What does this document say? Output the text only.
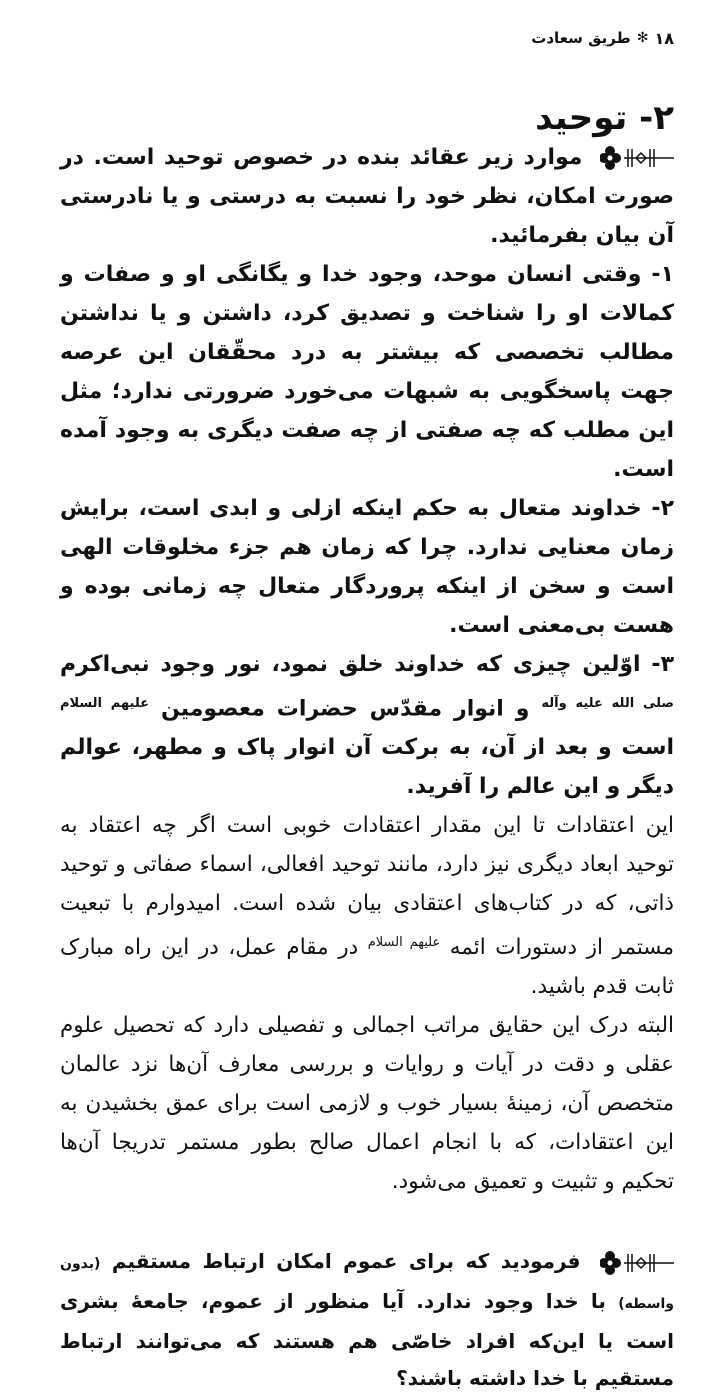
۱۸
✻
طریق سعادت
۲- توحید

موارد زیر عقائد بنده در خصوص توحید است. در صورت امکان، نظر خود را نسبت به درستی و یا نادرستی آن بیان بفرمائید.

۱- وقتی انسان موحد، وجود خدا و یگانگی او و صفات و کمالات او را شناخت و تصدیق کرد، داشتن و یا نداشتن مطالب تخصصی که بیشتر به درد محقّقان این عرصه جهت پاسخگویی به شبهات می‌خورد ضرورتی ندارد؛ مثل این مطلب که چه صفتی از چه صفت دیگری به وجود آمده است.

۲- خداوند متعال به حکم اینکه ازلی و ابدی است، برایش زمان معنایی ندارد. چرا که زمان هم جزء مخلوقات الهی است و سخن از اینکه پروردگار متعال چه زمانی بوده و هست بی‌معنی است.

۳- اوّلین چیزی که خداوند خلق نمود، نور وجود نبی‌اکرم $^{صلى الله عليه وآله}$ و انوار مقدّس حضرات معصومین $^{عليهم السلام}$ است و بعد از آن، به برکت آن انوار پاک و مطهر، عوالم دیگر و این عالم را آفرید.

این اعتقادات تا این مقدار اعتقادات خوبی است اگر چه اعتقاد به توحید ابعاد دیگری نیز دارد، مانند توحید افعالی، اسماء صفاتی و توحید ذاتی، که در کتاب‌های اعتقادی بیان شده است. امیدوارم با تبعیت مستمر از دستورات ائمه $^{عليهم السلام}$ در مقام عمل، در این راه مبارک ثابت قدم باشید.

البته درک این حقایق مراتب اجمالی و تفصیلی دارد که تحصیل علوم عقلی و دقت در آیات و روایات و بررسی معارف آن‌ها نزد عالمان متخصص آن، زمینهٔ بسیار خوب و لازمی است برای عمق بخشیدن به این اعتقادات، که با انجام اعمال صالح بطور مستمر تدریجا آن‌ها تحکیم و تثبیت و تعمیق می‌شود.

فرمودید که برای عموم امکان ارتباط مستقیم (بدون واسطه) با خدا وجود ندارد. آیا منظور از عموم، جامعهٔ بشری است یا این‌که افراد خاصّی هم هستند که می‌توانند ارتباط مستقیم با خدا داشته باشند؟
